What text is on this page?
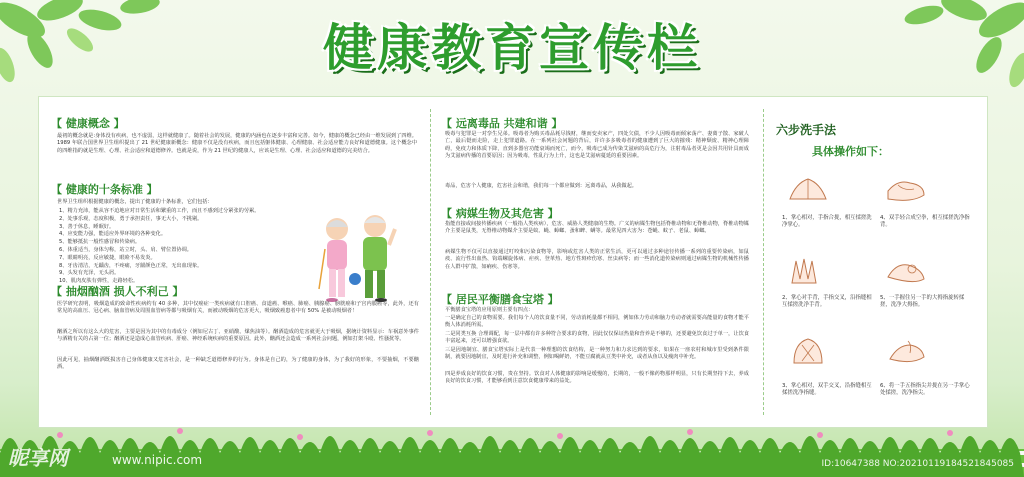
健康教育宣传栏
【 健康概念 】
最初的概念就是:身体没有疾病，也不虚弱，这样就健康了。随着社会的发展，健康的内涵也在逐步丰富和完善。如今，健康的概念已经由一维发展到了四维。1989 年联合国世界卫生组织提出了 21 世纪健康新概念：健康不仅是没有疾病，而且包括躯体健康、心理健康、社会适应能力良好和道德健康。这个概念中的四维指的就是生理、心理、社会适应和道德修养。也就是说，作为 21 世纪的健康人，应该是生理、心理、社会适应和道德的完美结合。
【 健康的十条标准 】
世界卫生组织根据健康的概念，提出了健康的十条标准，它们包括：
1、精力充沛，能从容不迫地应对日常生活和繁重的工作，而且不感到过分紧张的劳累。
2、处事乐观，态度积极，勇于承担责任，事无大小，不挑剔。
3、善于休息，睡眠好。
4、应变能力强，能适应外界环境的各种变化。
5、能够抵抗一般性感冒和传染病。
6、体重适当，身体匀称，站立时，头、肩、臂位置协调。
7、眼睛明亮，反应敏捷，眼睑不易发炎。
8、牙齿清洁，无龋齿，不疼痛，牙龈颜色正常，无出血现象。
9、头发有光泽，无头屑。
10、肌肉皮肤有弹性，走路轻松。
【 抽烟酗酒 损人不利己 】
医学研究表明，吸烟造成的致命性疾病约有 40 多种，其中仅癌症一类疾病就有口腔癌、食道癌、喉癌、肺癌、胰腺癌、膀胱癌和子宫内膜癌等，此外，还有常见的高血压、冠心病、脑血管病及周围血管病等都与吸烟有关，而被动吸烟的危害更大，吸烟致癌患者中有 50% 是被动吸烟者！
酗酒之所以有这么大的危害，主要是因为其中的有毒成分（例如尼古丁、亚硝酸、煤焦油等）。酗酒造成的危害就更大于吸烟，据统计资料显示：车祸意外事件与酒精有关的占第一位；酗酒还是造成心血管疾病、肝癌、神经系统疾病的重要原因。此外，酗酒还会造成一系列社会问题，例如打架斗殴、性骚扰等。
因此可见，抽烟酗酒既损害自己身体健康又危害社会，是一种缺乏道德修养的行为。身体是自己的，为了健康的身体，为了我好的形象，不要抽烟，不要酗酒。
【 远离毒品 共建和谐 】
吸毒与犯罪是一对孪生兄弟。吸毒者为购买毒品耗尽钱财，继而变卖家产，四处欠债，不少人因吸毒而倾家荡产、妻离子散、家破人亡，最后铤而走险，走上犯罪道路。在一系列社会问题的背后，许许多多吸毒者的健康遭到了巨大的摧残：精神颓废、精神心理障碍，免疫力和体质下降，直到多器官功能衰竭而死亡，而今，吸毒已成为传染艾滋病的高危行为，注射毒品者更是会因共用针具而成为艾滋病传播的首要原因；因为吸毒，性乱行为上升，这也是艾滋病蔓延的重要因素。
毒品，危害个人健康，危害社会和谐，我们每一个都应做到：远离毒品，从我做起。
【 病媒生物及其危害 】
指能直接或间接传播疾病（一般指人类疾病），危害、威胁人类健康的生物。广义的病媒生物包括脊椎动物和无脊椎动物，脊椎动物媒介主要是鼠类，无脊椎动物媒介主要是蚊、蝇、蟑螂、蚤和蜱、螨等。最常见四大害为：苍蝇、蚊子、老鼠、蟑螂。
病媒生物不仅可以直接通过叮咬和污染食物等，影响或危害人类的正常生活，更可以通过多种途径传播一系列的重要传染病，如鼠疫、流行性出血热、钩端螺旋体病、疟疾、登革热、地方性斑疹伤寒、丝虫病等；而一些消化道传染病则通过病媒生物的机械性传播在人群中扩散，如痢疾、伤寒等。
【 居民平衡膳食宝塔 】
平衡膳食宝塔的应用原则主要有四点：
一是确定自己的食物需要。我们每个人的饮食量不同，劳动消耗量都不相同，例如体力劳动和脑力劳动者就需要高能量的食物才能平衡人体消耗所需。
二是同类互换 合理调配，每一层中都有许多种符合要求的食物，因此仅仅保证热量和营养是不够的，还要避免饮食过于单一，让饮食丰富起来，还可以增强食欲。
三是因地制宜、膳食宝塔实际上是代表一种理想的饮食结构，是一种努力和力求达到的要求，如果在一座农村和城市里受到条件限制，就要因地制宜，及时进行补充和调整，例如喝鲜奶，不能豆腐就从豆类中补充，或者从鱼以及瘦肉中补充。
四是养成良好的饮食习惯，贵在坚持。饮食对人体健康的影响是缓慢的，长期的，一般不像药物那样明显，只有长期坚持下去，养成良好的饮食习惯，才能够看到注意饮食健康带来的益处。
六步洗手法
具体操作如下：
1、掌心相对，手指合拢，相互揉搓洗净掌心。
4、双手轻合成空拳，相互揉搓洗净指背。
2、掌心对手背，手指交叉，沿指缝相互揉搓洗净手背。
5、一手握住另一手的大拇指旋转揉搓，洗净大拇指。
3、掌心相对，双手交叉，沿指缝相互揉搓洗净指缝。
6、将一手五指指尖并拢在另一手掌心处揉搓，洗净指尖。
昵享网	www.nipic.com	ID:10647388 NO:20210119184521845085
